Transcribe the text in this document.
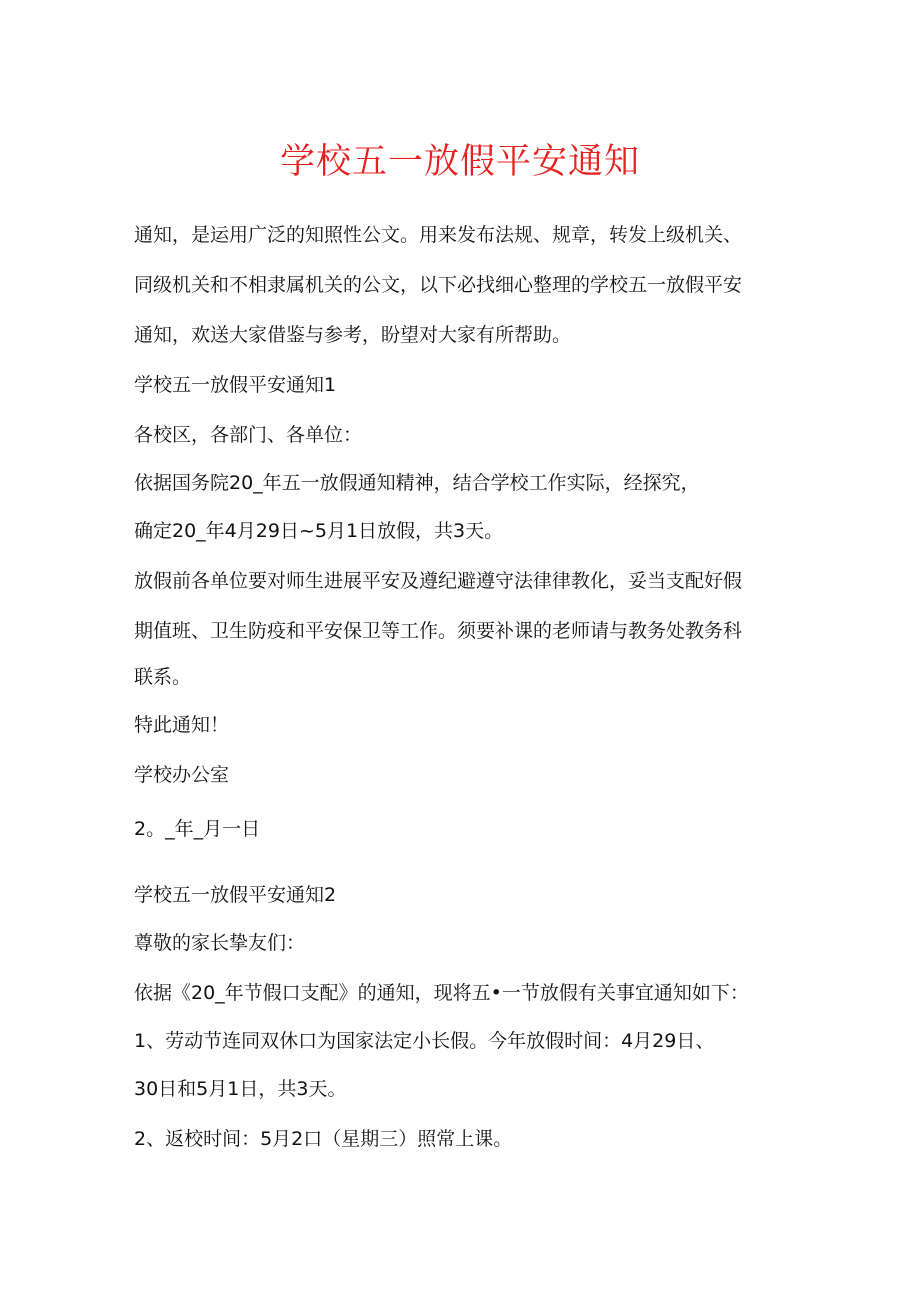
学校五一放假平安通知
通知，是运用广泛的知照性公文。用来发布法规、规章，转发上级机关、
同级机关和不相隶属机关的公文，以下必找细心整理的学校五一放假平安
通知，欢送大家借鉴与参考，盼望对大家有所帮助。
学校五一放假平安通知1
各校区，各部门、各单位：
依据国务院20_年五一放假通知精神，结合学校工作实际，经探究，
确定20_年4月29日~5月1日放假，共3天。
放假前各单位要对师生进展平安及遵纪避遵守法律律教化，妥当支配好假
期值班、卫生防疫和平安保卫等工作。须要补课的老师请与教务处教务科
联系。
特此通知！
学校办公室
2。_年_月一日
学校五一放假平安通知2
尊敬的家长挚友们：
依据《20_年节假口支配》的通知，现将五•一节放假有关事宜通知如下：
1、劳动节连同双休口为国家法定小长假。今年放假时间：4月29日、
30日和5月1日，共3天。
2、返校时间：5月2口（星期三）照常上课。
